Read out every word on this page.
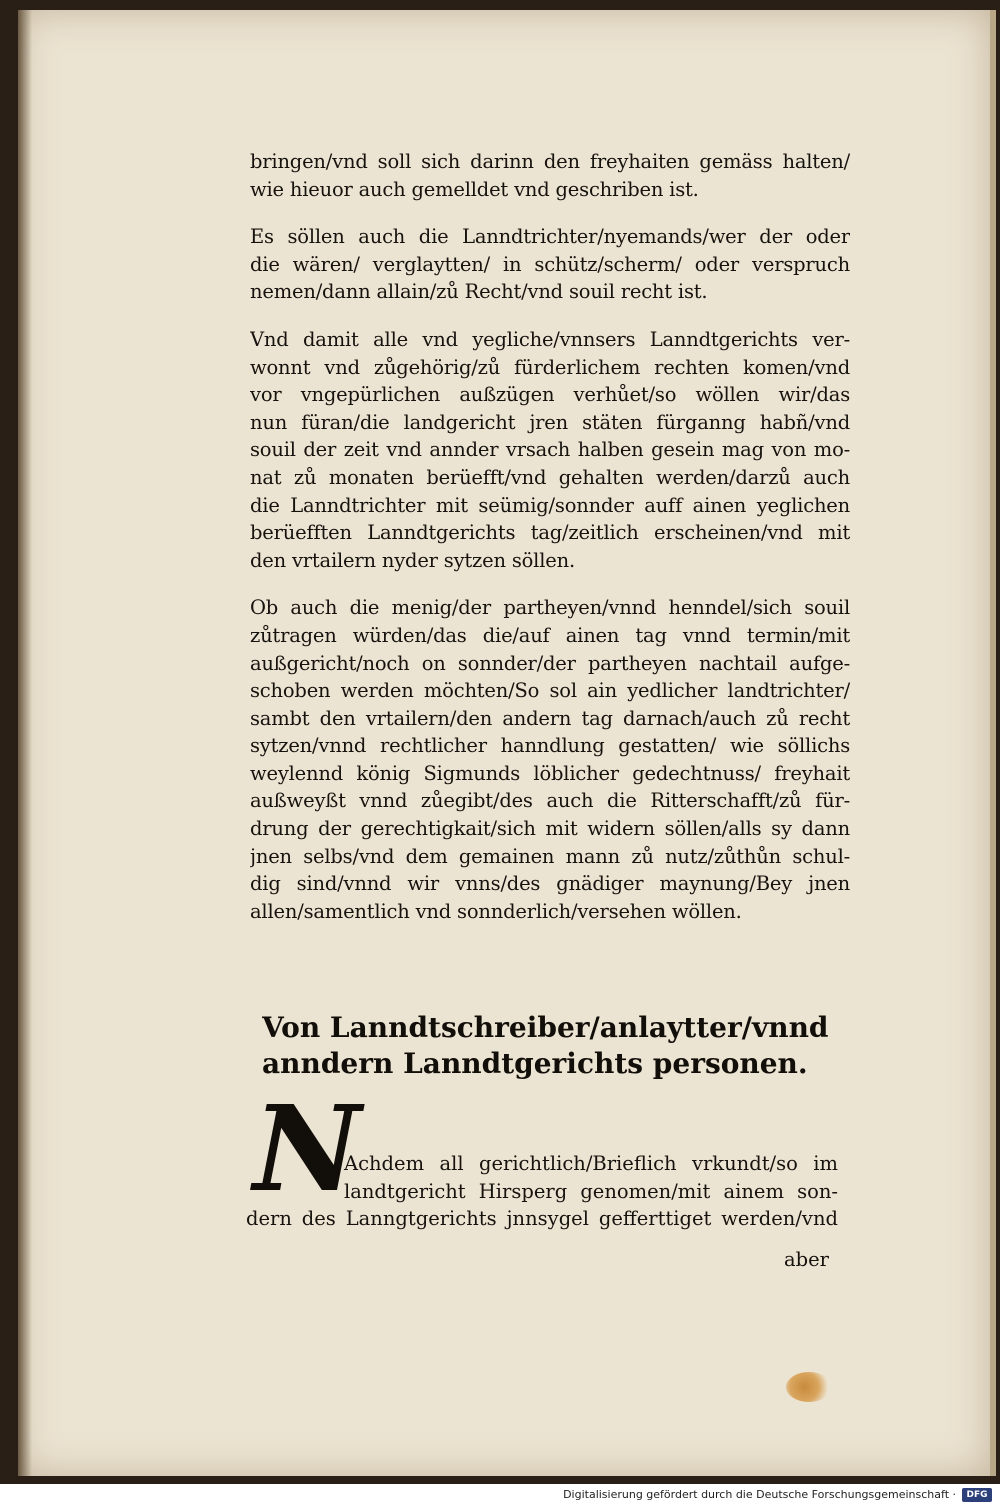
bringen/vnd soll sich darinn den freyhaiten gemäss halten/
wie hieuor auch gemelldet vnd geschriben ist.
Es söllen auch die Lanndtrichter/nyemands/wer der oder
die wären/ verglaytten/ in schütz/scherm/ oder verspruch
nemen/dann allain/zů Recht/vnd souil recht ist.
Vnd damit alle vnd yegliche/vnnsers Lanndtgerichts ver-
wonnt vnd zůgehörig/zů fürderlichem rechten komen/vnd
vor vngepürlichen außzügen verhůet/so wöllen wir/das
nun füran/die landgericht jren stäten fürganng habñ/vnd
souil der zeit vnd annder vrsach halben gesein mag von mo-
nat zů monaten berüefft/vnd gehalten werden/darzů auch
die Lanndtrichter mit seümig/sonnder auff ainen yeglichen
berüefften Lanndtgerichts tag/zeitlich erscheinen/vnd mit
den vrtailern nyder sytzen söllen.
Ob auch die menig/der partheyen/vnnd henndel/sich souil
zůtragen würden/das die/auf ainen tag vnnd termin/mit
außgericht/noch on sonnder/der partheyen nachtail aufge-
schoben werden möchten/So sol ain yedlicher landtrichter/
sambt den vrtailern/den andern tag darnach/auch zů recht
sytzen/vnnd rechtlicher hanndlung gestatten/ wie söllichs
weylennd könig Sigmunds löblicher gedechtnuss/ freyhait
außweyßt vnnd zůegibt/des auch die Ritterschafft/zů für-
drung der gerechtigkait/sich mit widern söllen/alls sy dann
jnen selbs/vnd dem gemainen mann zů nutz/zůthůn schul-
dig sind/vnnd wir vnns/des gnädiger maynung/Bey jnen
allen/samentlich vnd sonnderlich/versehen wöllen.
Von Lanndtschreiber/anlaytter/vnnd
anndern Lanndtgerichts personen.
N
Achdem all gerichtlich/Brieflich vrkundt/so im
landtgericht Hirsperg genomen/mit ainem son-
dern des Lanngtgerichts jnnsygel gefferttiget werden/vnd
aber
Digitalisierung gefördert durch die Deutsche Forschungsgemeinschaft ·	DFG
